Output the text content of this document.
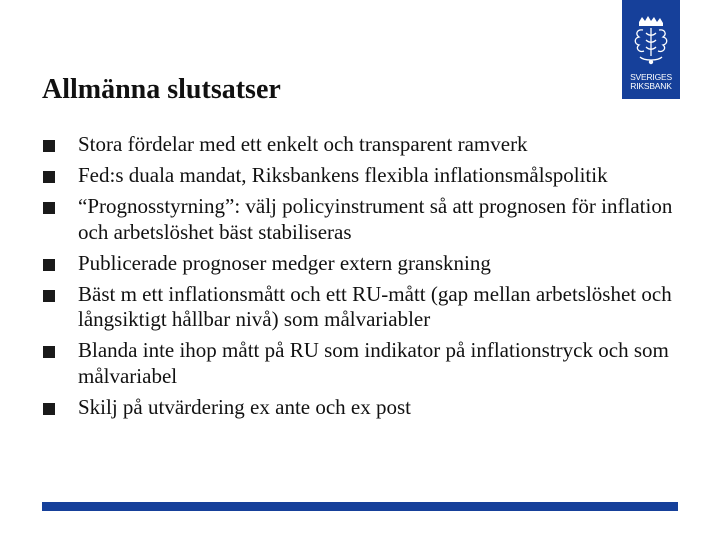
Allmänna slutsatser	SVERIGES
RIKSBANK
Stora fördelar med ett enkelt och transparent ramverk
Fed:s duala mandat, Riksbankens flexibla inflationsmålspolitik
“Prognosstyrning”: välj policyinstrument så att prognosen för inflation och arbetslöshet bäst stabiliseras
Publicerade prognoser medger extern granskning
Bäst m ett inflationsmått och ett RU-mått (gap mellan arbetslöshet och långsiktigt hållbar nivå) som målvariabler
Blanda inte ihop mått på RU som indikator på inflationstryck och som målvariabel
Skilj på utvärdering ex ante och ex post
